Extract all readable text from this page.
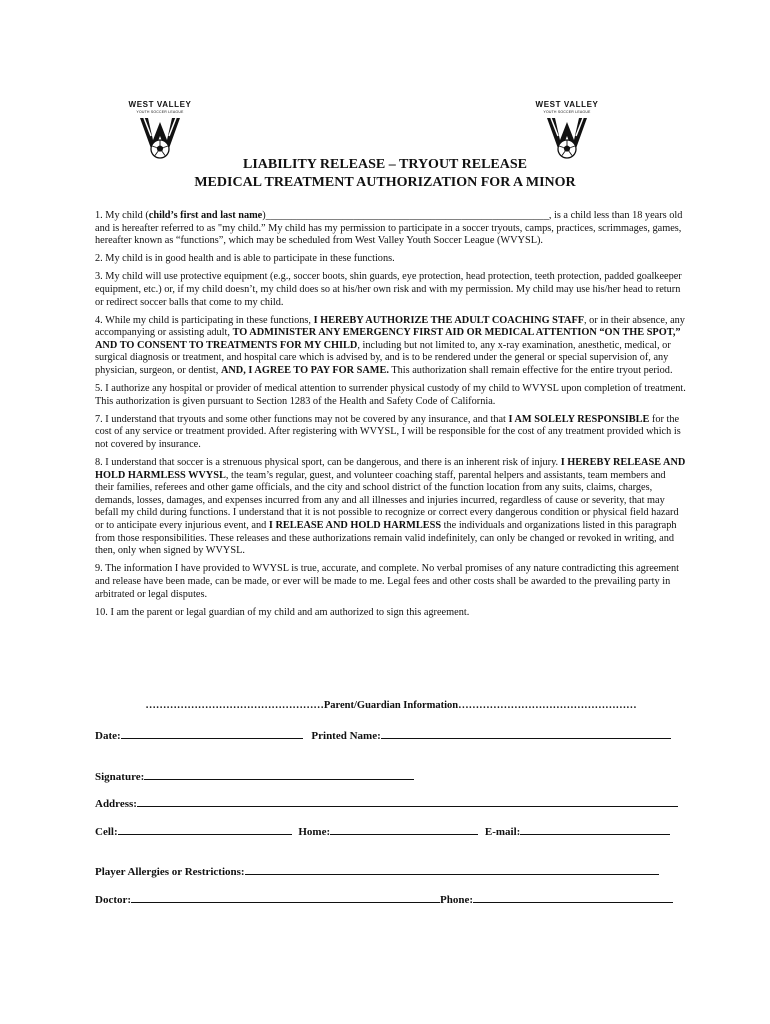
WEST VALLEY
YOUTH SOCCER LEAGUE
WEST VALLEY
YOUTH SOCCER LEAGUE
LIABILITY RELEASE – TRYOUT RELEASE
MEDICAL TREATMENT AUTHORIZATION FOR A MINOR

1. My child (child’s first and last name)_______________________________________________________, is a child less than 18 years old and is hereafter referred to as "my child.” My child has my permission to participate in a soccer tryouts, camps, practices, scrimmages, games, hereafter known as “functions”, which may be scheduled from West Valley Youth Soccer League (WVYSL).

2. My child is in good health and is able to participate in these functions.

3. My child will use protective equipment (e.g., soccer boots, shin guards, eye protection, head protection, teeth protection, padded goalkeeper equipment, etc.) or, if my child doesn’t, my child does so at his/her own risk and with my permission. My child may use his/her head to return or redirect soccer balls that come to my child.

4. While my child is participating in these functions, I HEREBY AUTHORIZE THE ADULT COACHING STAFF, or in their absence, any accompanying or assisting adult, TO ADMINISTER ANY EMERGENCY FIRST AID OR MEDICAL ATTENTION “ON THE SPOT,” AND TO CONSENT TO TREATMENTS FOR MY CHILD, including but not limited to, any x-ray examination, anesthetic, medical, or surgical diagnosis or treatment, and hospital care which is advised by, and is to be rendered under the general or special supervision of, any physician, surgeon, or dentist, AND, I AGREE TO PAY FOR SAME. This authorization shall remain effective for the entire tryout period.

5. I authorize any hospital or provider of medical attention to surrender physical custody of my child to WVYSL upon completion of treatment. This authorization is given pursuant to Section 1283 of the Health and Safety Code of California.

7. I understand that tryouts and some other functions may not be covered by any insurance, and that I AM SOLELY RESPONSIBLE for the cost of any service or treatment provided. After registering with WVYSL, I will be responsible for the cost of any treatment provided which is not covered by insurance.

8. I understand that soccer is a strenuous physical sport, can be dangerous, and there is an inherent risk of injury. I HEREBY RELEASE AND HOLD HARMLESS WVYSL, the team’s regular, guest, and volunteer coaching staff, parental helpers and assistants, team members and their families, referees and other game officials, and the city and school district of the function location from any suits, claims, charges, demands, losses, damages, and expenses incurred from any and all illnesses and injuries incurred, regardless of cause or severity, that may befall my child during functions. I understand that it is not possible to recognize or correct every dangerous condition or physical field hazard or to anticipate every injurious event, and I RELEASE AND HOLD HARMLESS the individuals and organizations listed in this paragraph from those responsibilities. These releases and these authorizations remain valid indefinitely, can only be changed or revoked in writing, and then, only when signed by WVYSL.

9. The information I have provided to WVYSL is true, accurate, and complete. No verbal promises of any nature contradicting this agreement and release have been made, can be made, or ever will be made to me. Legal fees and other costs shall be awarded to the prevailing party in arbitrated or legal disputes.

10. I am the parent or legal guardian of my child and am authorized to sign this agreement.

……………………………………………Parent/Guardian Information……………………………………………
Date:	Printed Name:
Signature:
Address:
Cell:	Home:	E-mail:
Player Allergies or Restrictions:
Doctor:	Phone:
